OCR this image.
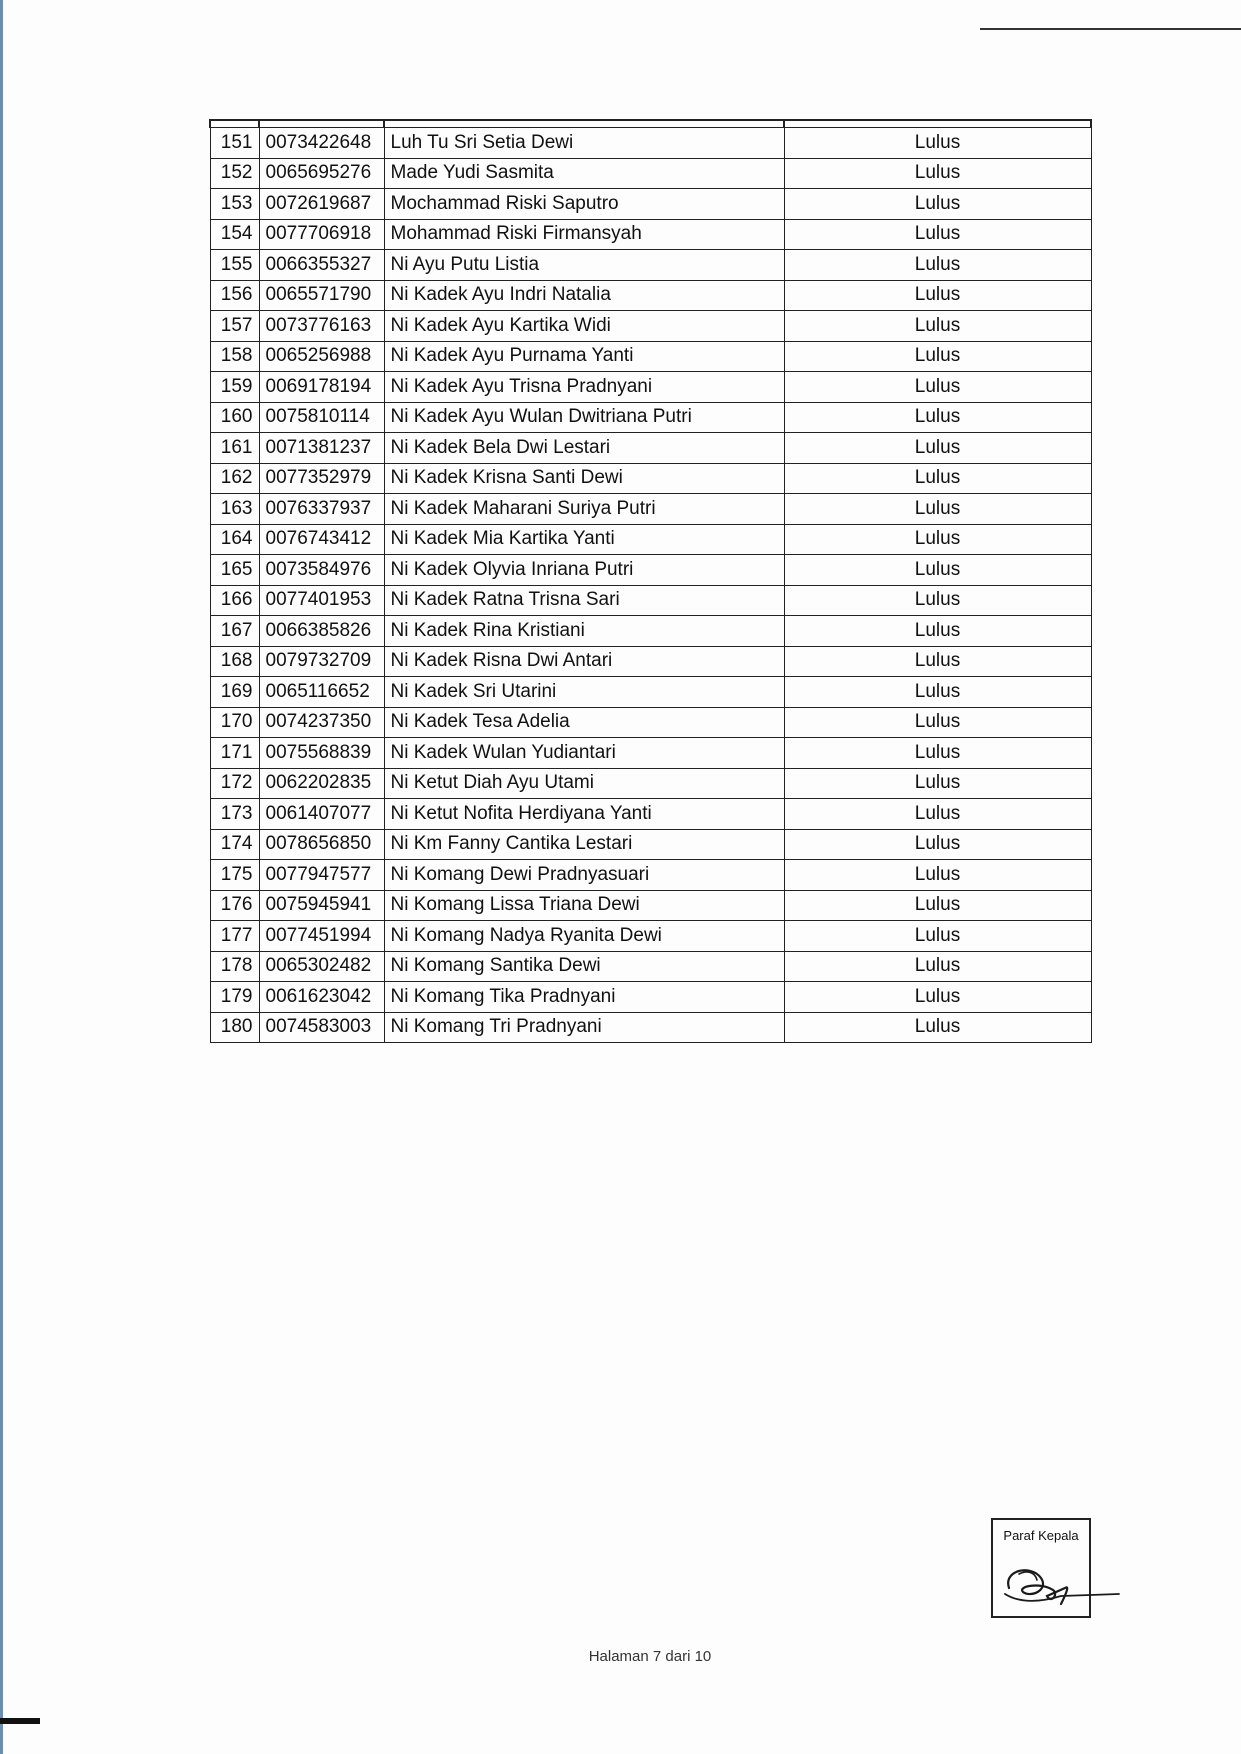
151	0073422648	Luh Tu Sri Setia Dewi	Lulus
152	0065695276	Made Yudi Sasmita	Lulus
153	0072619687	Mochammad Riski Saputro	Lulus
154	0077706918	Mohammad Riski Firmansyah	Lulus
155	0066355327	Ni Ayu Putu Listia	Lulus
156	0065571790	Ni Kadek Ayu Indri Natalia	Lulus
157	0073776163	Ni Kadek Ayu Kartika Widi	Lulus
158	0065256988	Ni Kadek Ayu Purnama Yanti	Lulus
159	0069178194	Ni Kadek Ayu Trisna Pradnyani	Lulus
160	0075810114	Ni Kadek Ayu Wulan Dwitriana Putri	Lulus
161	0071381237	Ni Kadek Bela Dwi Lestari	Lulus
162	0077352979	Ni Kadek Krisna Santi Dewi	Lulus
163	0076337937	Ni Kadek Maharani Suriya Putri	Lulus
164	0076743412	Ni Kadek Mia Kartika Yanti	Lulus
165	0073584976	Ni Kadek Olyvia Inriana Putri	Lulus
166	0077401953	Ni Kadek Ratna Trisna Sari	Lulus
167	0066385826	Ni Kadek Rina Kristiani	Lulus
168	0079732709	Ni Kadek Risna Dwi Antari	Lulus
169	0065116652	Ni Kadek Sri Utarini	Lulus
170	0074237350	Ni Kadek Tesa Adelia	Lulus
171	0075568839	Ni Kadek Wulan Yudiantari	Lulus
172	0062202835	Ni Ketut Diah Ayu Utami	Lulus
173	0061407077	Ni Ketut Nofita Herdiyana Yanti	Lulus
174	0078656850	Ni Km Fanny Cantika Lestari	Lulus
175	0077947577	Ni Komang Dewi Pradnyasuari	Lulus
176	0075945941	Ni Komang Lissa Triana Dewi	Lulus
177	0077451994	Ni Komang Nadya Ryanita Dewi	Lulus
178	0065302482	Ni Komang Santika Dewi	Lulus
179	0061623042	Ni Komang Tika Pradnyani	Lulus
180	0074583003	Ni Komang Tri Pradnyani	Lulus
Paraf Kepala
Halaman 7 dari 10
